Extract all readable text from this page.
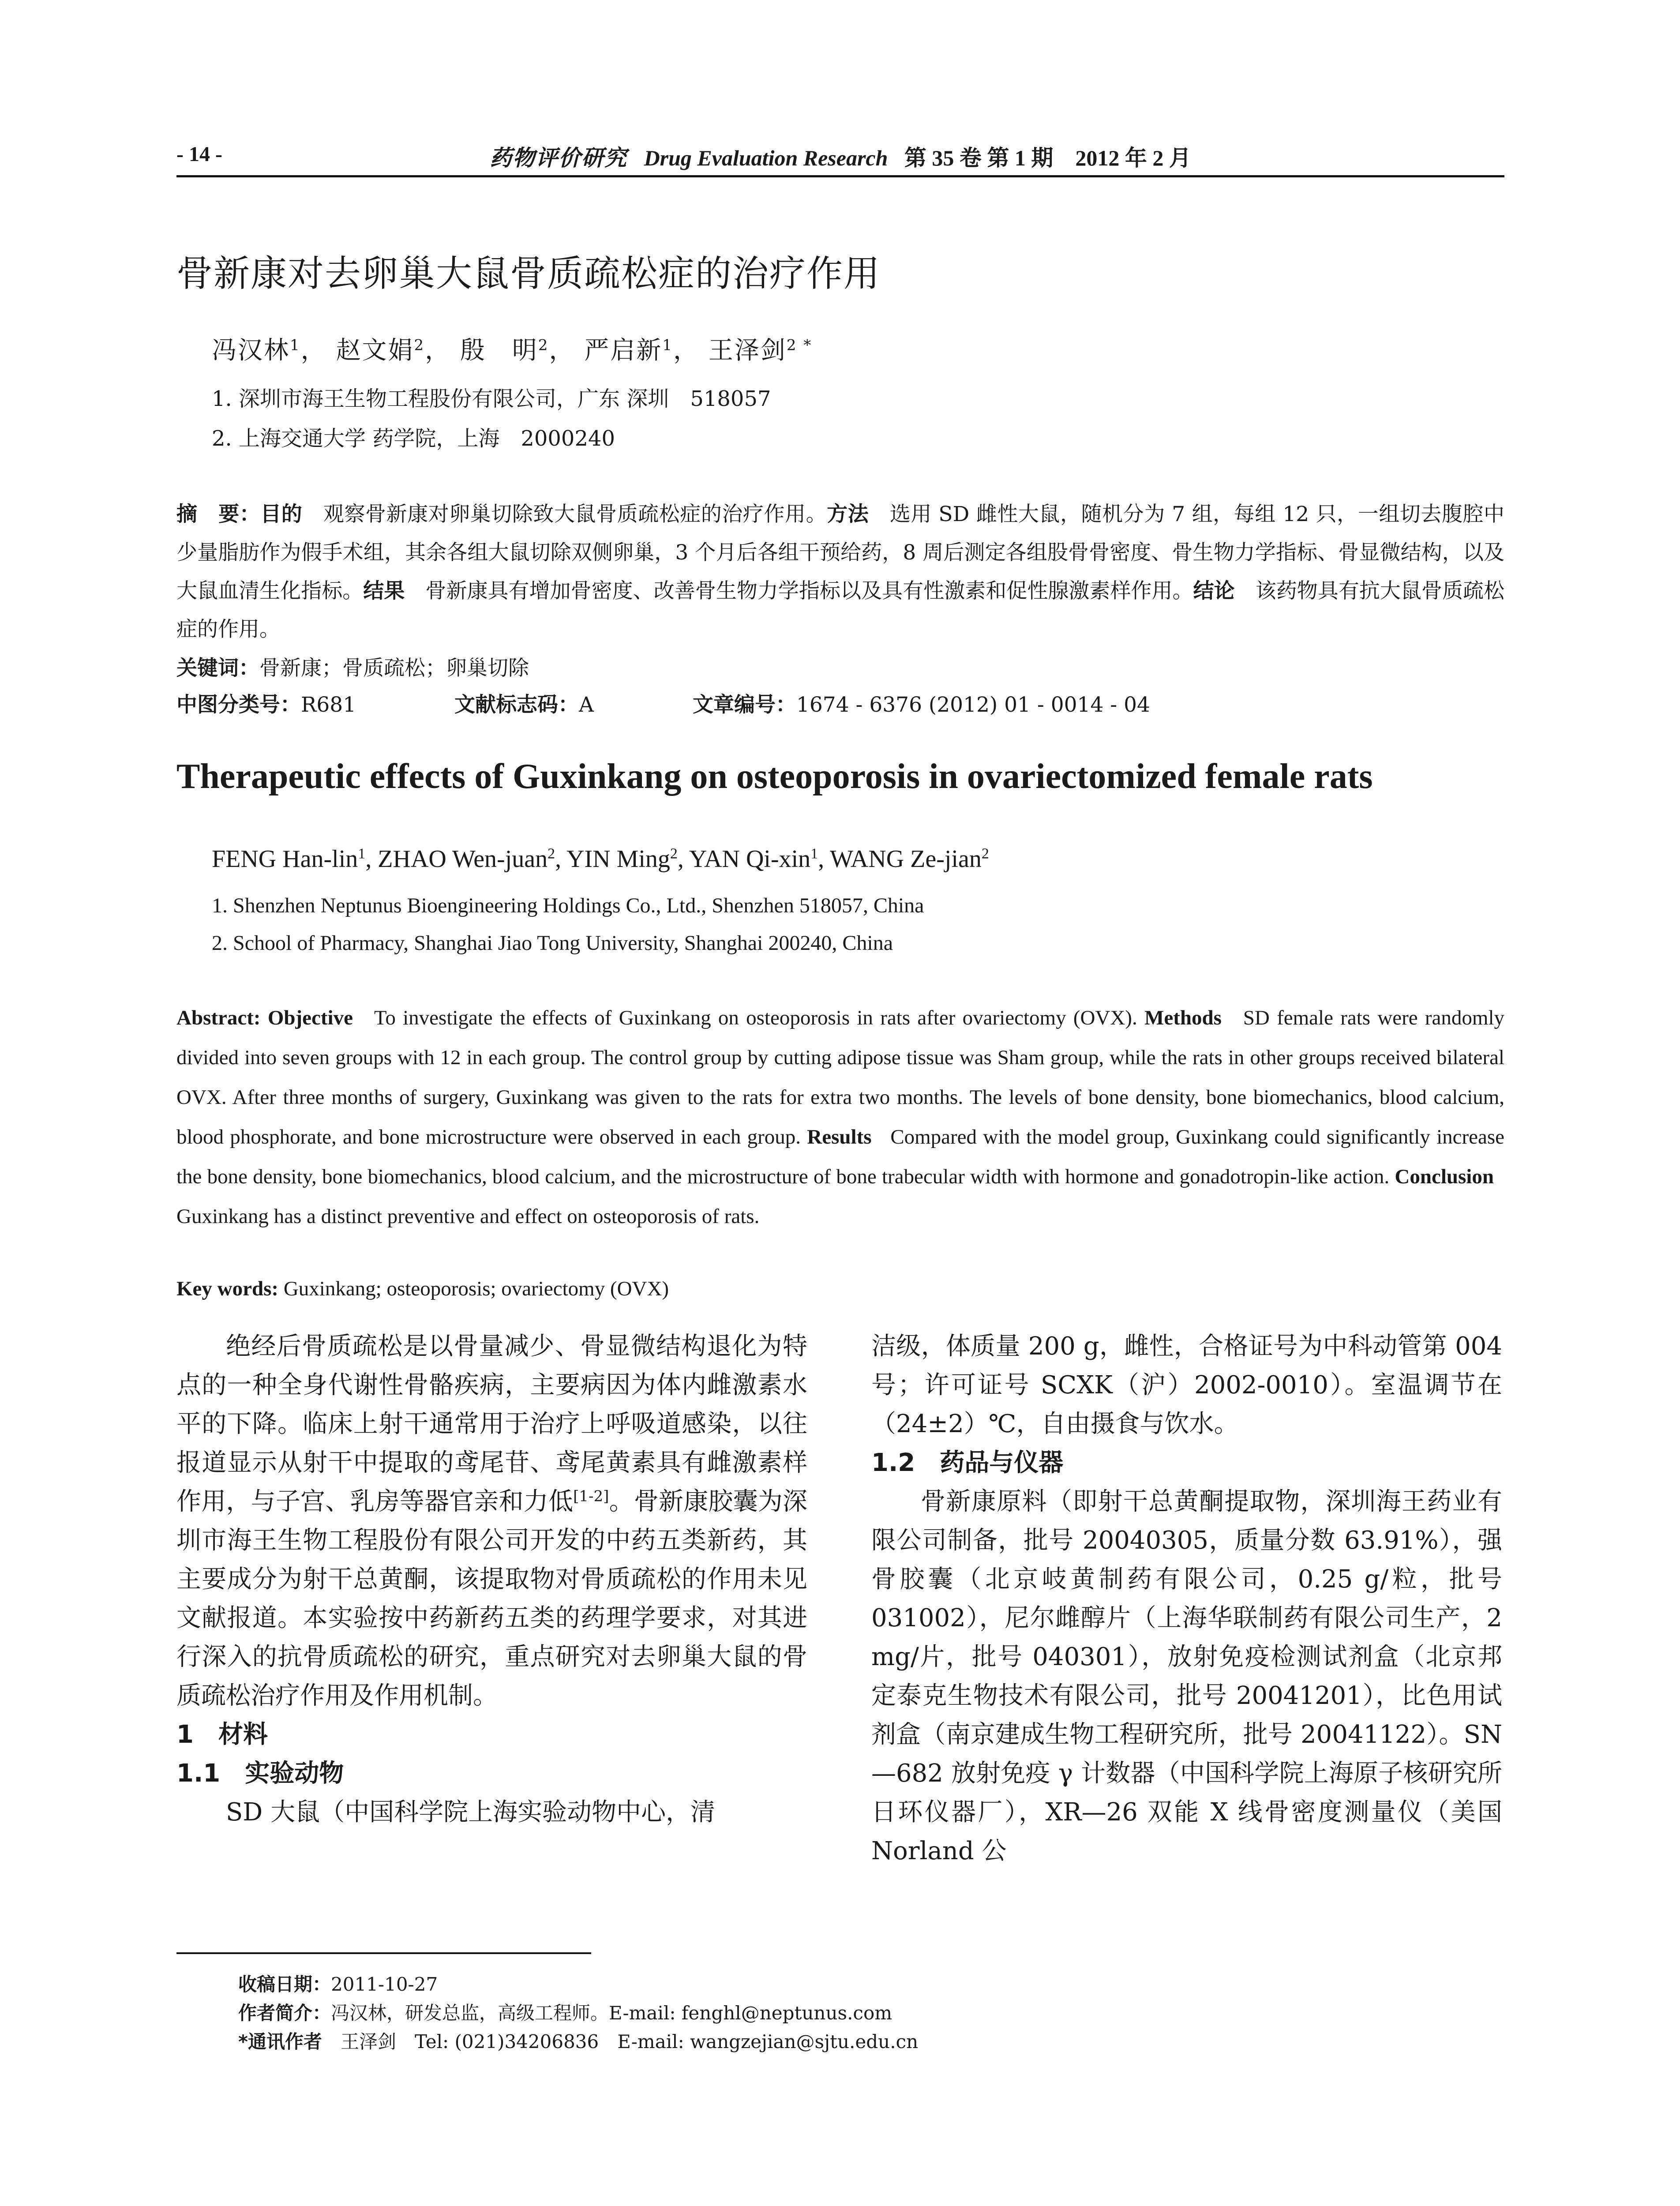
- 14 -	药物评价研究 Drug Evaluation Research 第 35 卷 第 1 期　2012 年 2 月
骨新康对去卵巢大鼠骨质疏松症的治疗作用
冯汉林$^1$， 赵文娟$^2$， 殷　明$^2$， 严启新$^1$， 王泽剑$^{2 *}$
1. 深圳市海王生物工程股份有限公司，广东 深圳　518057
2. 上海交通大学 药学院，上海　2000240
摘　要：目的　 观察骨新康对卵巢切除致大鼠骨质疏松症的治疗作用。方法　 选用 SD 雌性大鼠，随机分为 7 组，每组 12 只，一组切去腹腔中少量脂肪作为假手术组，其余各组大鼠切除双侧卵巢，3 个月后各组干预给药，8 周后测定各组股骨骨密度、骨生物力学指标、骨显微结构，以及大鼠血清生化指标。结果　 骨新康具有增加骨密度、改善骨生物力学指标以及具有性激素和促性腺激素样作用。结论　 该药物具有抗大鼠骨质疏松症的作用。
关键词：骨新康；骨质疏松；卵巢切除
中图分类号：R681	文献标志码：A	文章编号：1674 - 6376 (2012) 01 - 0014 - 04
Therapeutic effects of Guxinkang on osteoporosis in ovariectomized female rats
FENG Han-lin$^1$, ZHAO Wen-juan$^2$, YIN Ming$^2$, YAN Qi-xin$^1$, WANG Ze-jian$^2$
1. Shenzhen Neptunus Bioengineering Holdings Co., Ltd., Shenzhen 518057, China
2. School of Pharmacy, Shanghai Jiao Tong University, Shanghai 200240, China
Abstract: Objective To investigate the effects of Guxinkang on osteoporosis in rats after ovariectomy (OVX). Methods SD female rats were randomly divided into seven groups with 12 in each group. The control group by cutting adipose tissue was Sham group, while the rats in other groups received bilateral OVX. After three months of surgery, Guxinkang was given to the rats for extra two months. The levels of bone density, bone biomechanics, blood calcium, blood phosphorate, and bone microstructure were observed in each group. Results Compared with the model group, Guxinkang could significantly increase the bone density, bone biomechanics, blood calcium, and the microstructure of bone trabecular width with hormone and gonadotropin-like action. Conclusion   Guxinkang has a distinct preventive and effect on osteoporosis of rats.
Key words: Guxinkang; osteoporosis; ovariectomy (OVX)

绝经后骨质疏松是以骨量减少、骨显微结构退化为特点的一种全身代谢性骨骼疾病，主要病因为体内雌激素水平的下降。临床上射干通常用于治疗上呼吸道感染，以往报道显示从射干中提取的鸢尾苷、鸢尾黄素具有雌激素样作用，与子宫、乳房等器官亲和力低[1-2]。骨新康胶囊为深圳市海王生物工程股份有限公司开发的中药五类新药，其主要成分为射干总黄酮，该提取物对骨质疏松的作用未见文献报道。本实验按中药新药五类的药理学要求，对其进行深入的抗骨质疏松的研究，重点研究对去卵巢大鼠的骨质疏松治疗作用及作用机制。

1　材料
1.1　实验动物

SD 大鼠（中国科学院上海实验动物中心，清

洁级，体质量 200 g，雌性，合格证号为中科动管第 004 号；许可证号 SCXK（沪）2002-0010）。室温调节在（24±2）℃，自由摄食与饮水。

1.2　药品与仪器

骨新康原料（即射干总黄酮提取物，深圳海王药业有限公司制备，批号 20040305，质量分数 63.91%），强骨胶囊（北京岐黄制药有限公司，0.25 g/粒，批号 031002），尼尔雌醇片（上海华联制药有限公司生产，2 mg/片，批号 040301），放射免疫检测试剂盒（北京邦定泰克生物技术有限公司，批号 20041201），比色用试剂盒（南京建成生物工程研究所，批号 20041122）。SN—682 放射免疫 γ 计数器（中国科学院上海原子核研究所日环仪器厂），XR—26 双能 X 线骨密度测量仪（美国 Norland 公

收稿日期：2011-10-27
作者简介：冯汉林，研发总监，高级工程师。E-mail: fenghl@neptunus.com
*通讯作者　 王泽剑　Tel: (021)34206836　E-mail: wangzejian@sjtu.edu.cn
